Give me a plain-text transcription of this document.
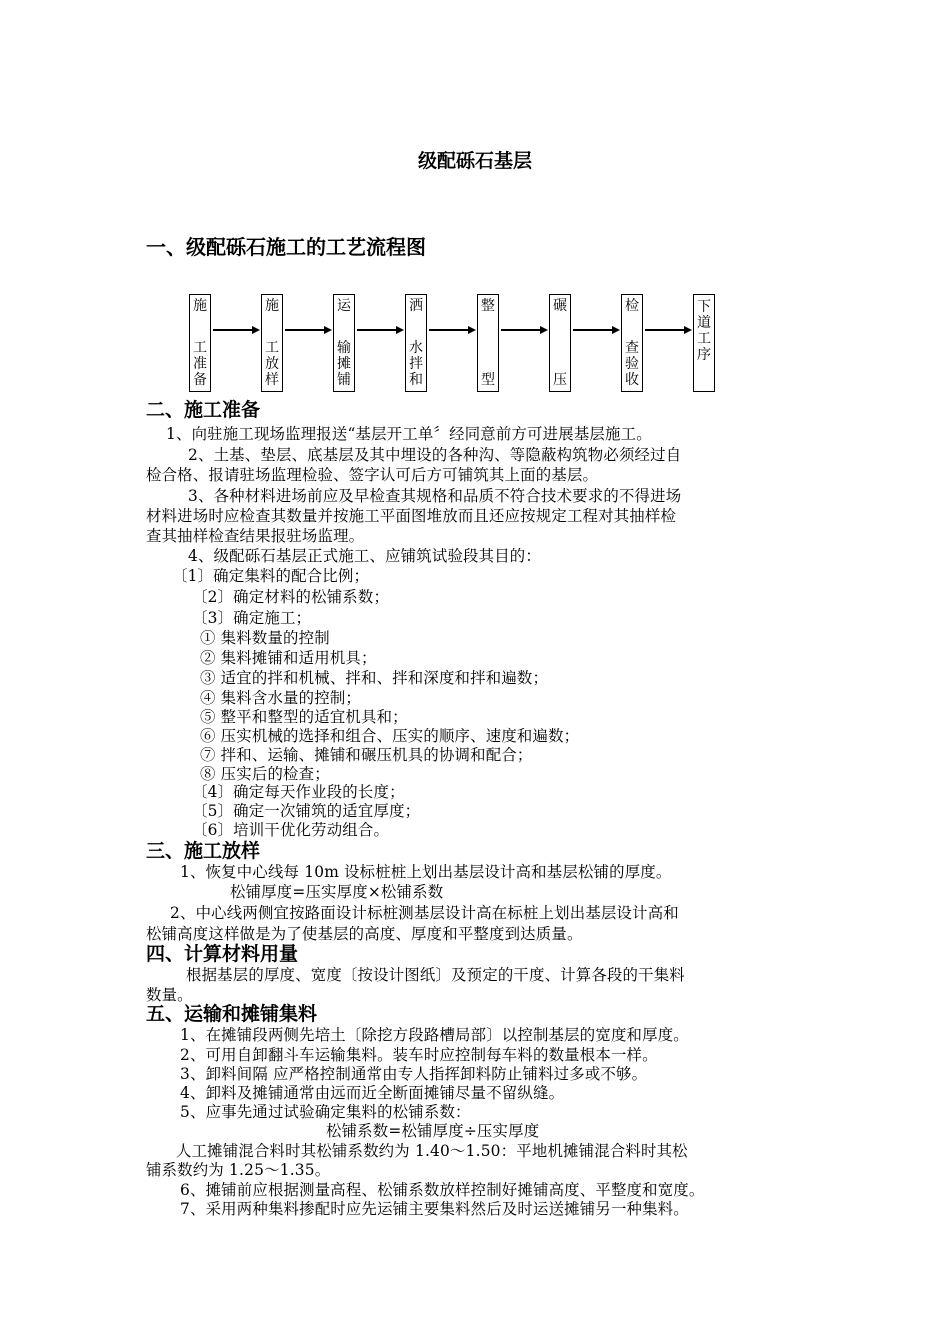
级配砾石基层
一、级配砾石施工的工艺流程图
施
工
准
备
施
工
放
样
运
输
摊
铺
洒
水
拌
和
整
型
碾
压
检
查
验
收
下
道
工
序
二、施工准备
1、向驻施工现场监理报送“基层开工单〞经同意前方可进展基层施工。
2、土基、垫层、底基层及其中埋设的各种沟、等隐蔽构筑物必须经过自
检合格、报请驻场监理检验、签字认可后方可铺筑其上面的基层。
3、各种材料进场前应及早检查其规格和品质不符合技术要求的不得进场
材料进场时应检查其数量并按施工平面图堆放而且还应按规定工程对其抽样检
查其抽样检查结果报驻场监理。
4、级配砾石基层正式施工、应铺筑试验段其目的：
〔1〕确定集料的配合比例；
〔2〕确定材料的松铺系数；
〔3〕确定施工；
① 集料数量的控制
② 集料摊铺和适用机具；
③ 适宜的拌和机械、拌和、拌和深度和拌和遍数；
④ 集料含水量的控制；
⑤ 整平和整型的适宜机具和；
⑥ 压实机械的选择和组合、压实的顺序、速度和遍数；
⑦ 拌和、运输、摊铺和碾压机具的协调和配合；
⑧ 压实后的检查；
〔4〕确定每天作业段的长度；
〔5〕确定一次铺筑的适宜厚度；
〔6〕培训干优化劳动组合。
三、施工放样
1、恢复中心线每 10m 设标桩桩上划出基层设计高和基层松铺的厚度。
松铺厚度=压实厚度×松铺系数
2、中心线两侧宜按路面设计标桩测基层设计高在标桩上划出基层设计高和
松铺高度这样做是为了使基层的高度、厚度和平整度到达质量。
四、计算材料用量
根据基层的厚度、宽度〔按设计图纸〕及预定的干度、计算各段的干集料
数量。
五、运输和摊铺集料
1、在摊铺段两侧先培土〔除挖方段路槽局部〕以控制基层的宽度和厚度。
2、可用自卸翻斗车运输集料。装车时应控制每车料的数量根本一样。
3、卸料间隔 应严格控制通常由专人指挥卸料防止铺料过多或不够。
4、卸料及摊铺通常由远而近全断面摊铺尽量不留纵缝。
5、应事先通过试验确定集料的松铺系数：
松铺系数=松铺厚度÷压实厚度
人工摊铺混合料时其松铺系数约为 1.40～1.50：平地机摊铺混合料时其松
铺系数约为 1.25～1.35。
6、摊铺前应根据测量高程、松铺系数放样控制好摊铺高度、平整度和宽度。
7、采用两种集料掺配时应先运铺主要集料然后及时运送摊铺另一种集料。
